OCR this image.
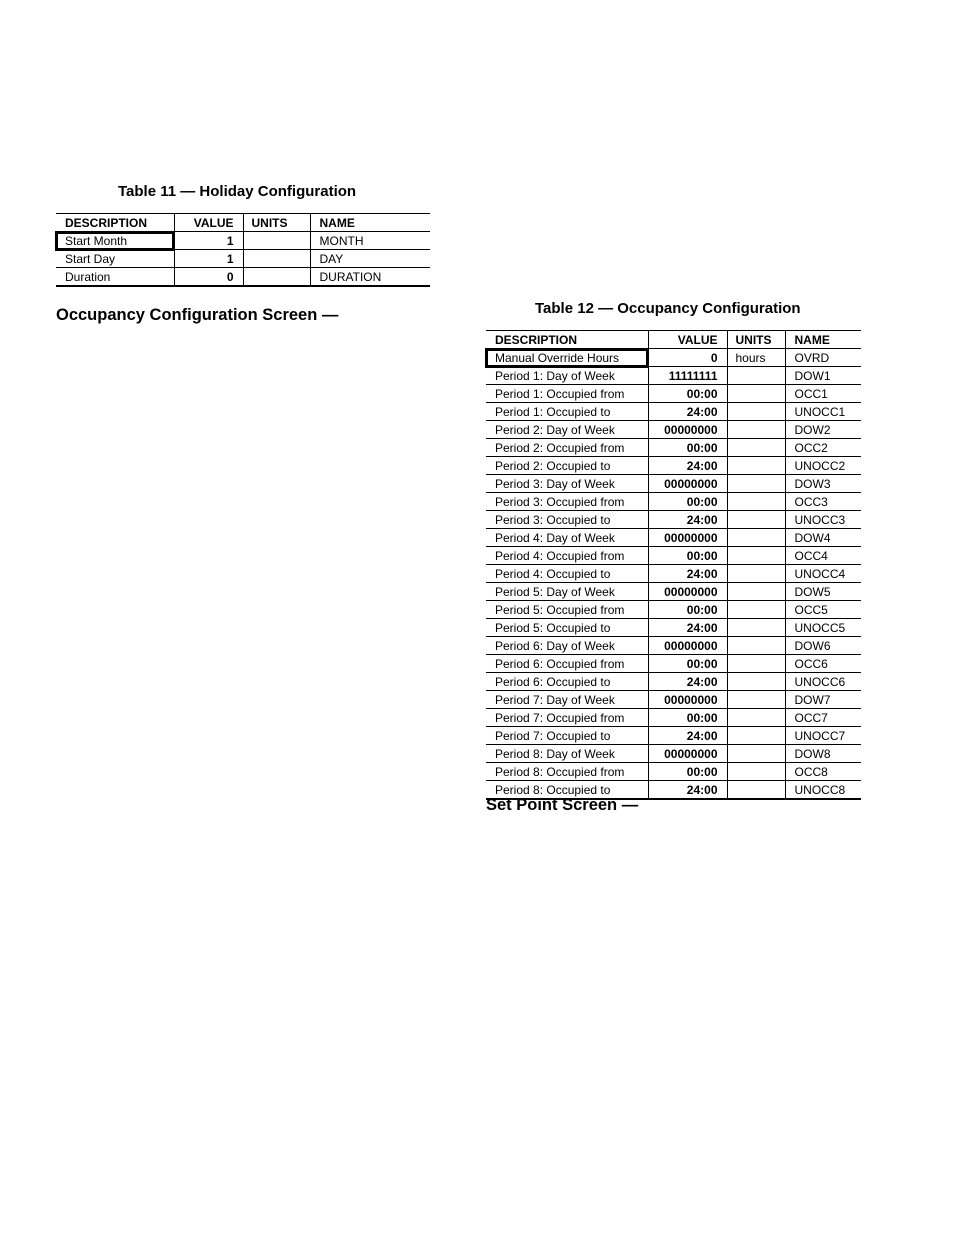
Table 11 — Holiday Configuration
DESCRIPTION	VALUE	UNITS	NAME
Start Month	1		MONTH
Start Day	1		DAY
Duration	0		DURATION
Occupancy Configuration Screen —	Table 12 — Occupancy Configuration
DESCRIPTION	VALUE	UNITS	NAME
Manual Override Hours	0	hours	OVRD
Period 1: Day of Week	11111111		DOW1
Period 1: Occupied from	00:00		OCC1
Period 1: Occupied to	24:00		UNOCC1
Period 2: Day of Week	00000000		DOW2
Period 2: Occupied from	00:00		OCC2
Period 2: Occupied to	24:00		UNOCC2
Period 3: Day of Week	00000000		DOW3
Period 3: Occupied from	00:00		OCC3
Period 3: Occupied to	24:00		UNOCC3
Period 4: Day of Week	00000000		DOW4
Period 4: Occupied from	00:00		OCC4
Period 4: Occupied to	24:00		UNOCC4
Period 5: Day of Week	00000000		DOW5
Period 5: Occupied from	00:00		OCC5
Period 5: Occupied to	24:00		UNOCC5
Period 6: Day of Week	00000000		DOW6
Period 6: Occupied from	00:00		OCC6
Period 6: Occupied to	24:00		UNOCC6
Period 7: Day of Week	00000000		DOW7
Period 7: Occupied from	00:00		OCC7
Period 7: Occupied to	24:00		UNOCC7
Period 8: Day of Week	00000000		DOW8
Period 8: Occupied from	00:00		OCC8
Period 8: Occupied to	24:00		UNOCC8
Set Point Screen —
